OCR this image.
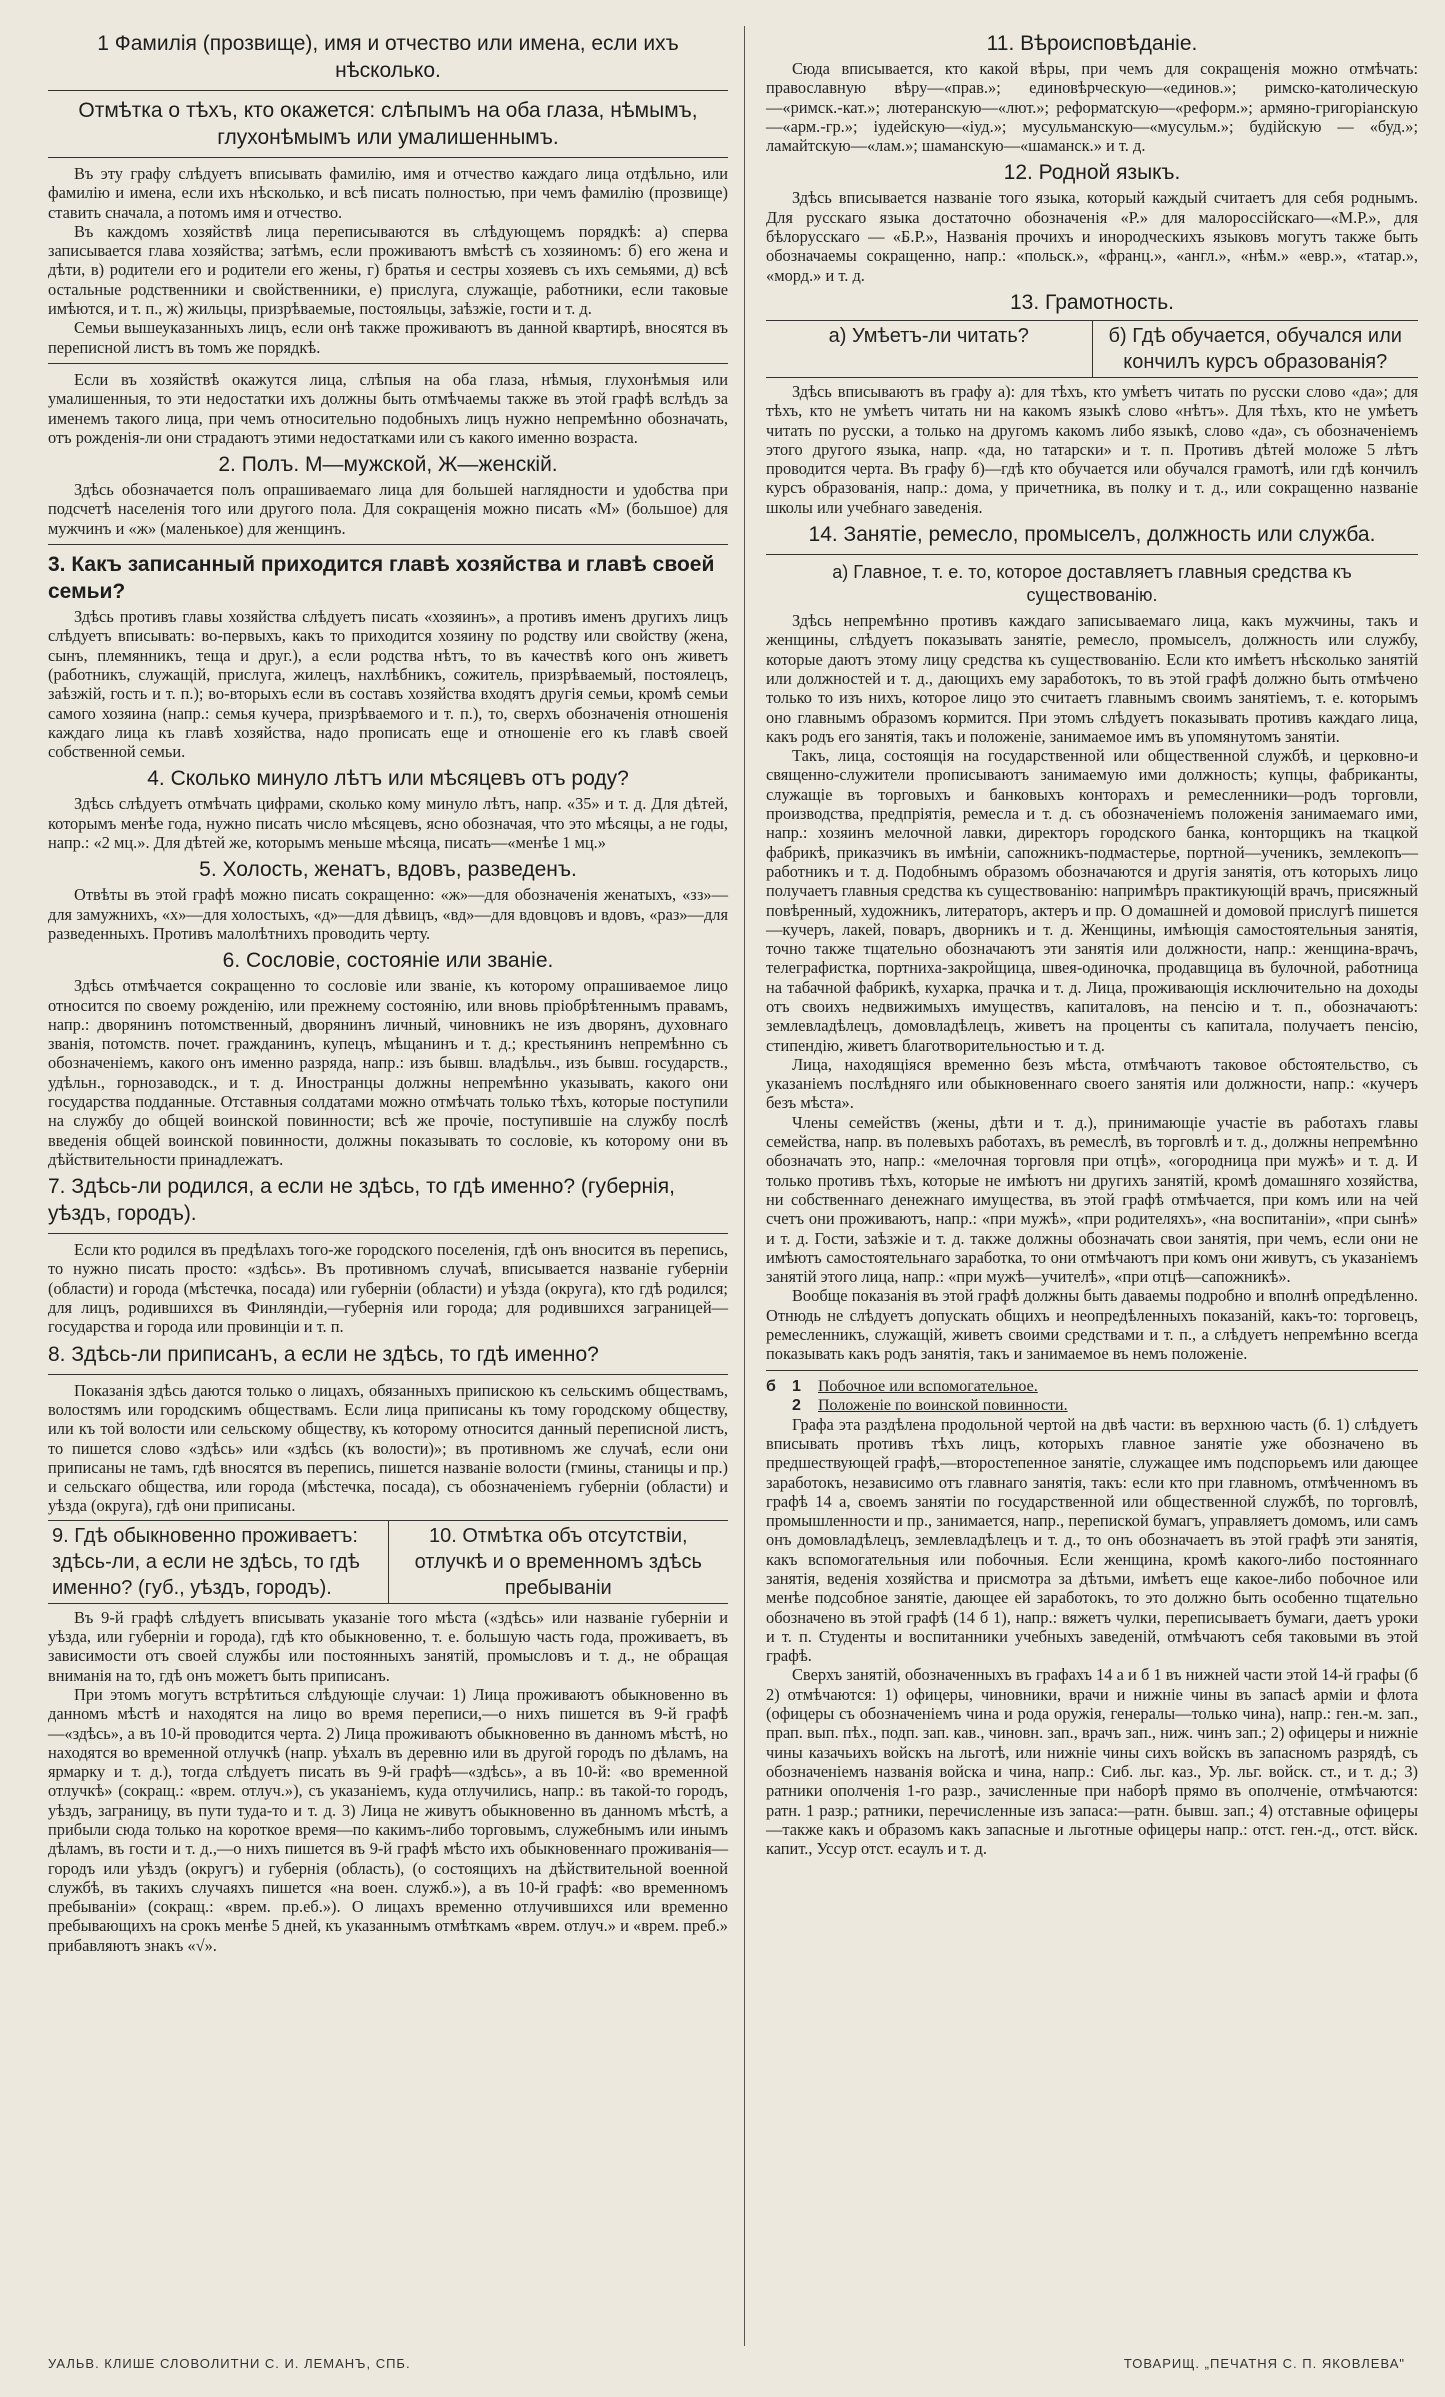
1 Фамилія (прозвище), имя и отчество или имена, если ихъ нѣсколько.
Отмѣтка о тѣхъ, кто окажется: слѣпымъ на оба глаза, нѣмымъ, глухонѣмымъ или умалишеннымъ.

Въ эту графу слѣдуетъ вписывать фамилію, имя и отчество каждаго лица отдѣльно, или фамилію и имена, если ихъ нѣсколько, и всѣ писать полностью, при чемъ фамилію (прозвище) ставить сначала, а потомъ имя и отчество.

Въ каждомъ хозяйствѣ лица переписываются въ слѣдующемъ порядкѣ: а) сперва записывается глава хозяйства; затѣмъ, если проживаютъ вмѣстѣ съ хозяиномъ: б) его жена и дѣти, в) родители его и родители его жены, г) братья и сестры хозяевъ съ ихъ семьями, д) всѣ остальные родственники и свойственники, е) прислуга, служащіе, работники, если таковые имѣются, и т. п., ж) жильцы, призрѣваемые, постояльцы, заѣзжіе, гости и т. д.

Семьи вышеуказанныхъ лицъ, если онѣ также проживаютъ въ данной квартирѣ, вносятся въ переписной листъ въ томъ же порядкѣ.

Если въ хозяйствѣ окажутся лица, слѣпыя на оба глаза, нѣмыя, глухонѣмыя или умалишенныя, то эти недостатки ихъ должны быть отмѣчаемы также въ этой графѣ вслѣдъ за именемъ такого лица, при чемъ относительно подобныхъ лицъ нужно непремѣнно обозначать, отъ рожденія-ли они страдаютъ этими недостатками или съ какого именно возраста.

2. Полъ. М—мужской, Ж—женскій.

Здѣсь обозначается полъ опрашиваемаго лица для большей наглядности и удобства при подсчетѣ населенія того или другого пола. Для сокращенія можно писать «М» (большое) для мужчинъ и «ж» (маленькое) для женщинъ.

3. Какъ записанный приходится главѣ хозяйства и главѣ своей семьи?

Здѣсь противъ главы хозяйства слѣдуетъ писать «хозяинъ», а противъ именъ другихъ лицъ слѣдуетъ вписывать: во-первыхъ, какъ то приходится хозяину по родству или свойству (жена, сынъ, племянникъ, теща и друг.), а если родства нѣтъ, то въ качествѣ кого онъ живетъ (работникъ, служащій, прислуга, жилецъ, нахлѣбникъ, сожитель, призрѣваемый, постоялецъ, заѣзжій, гость и т. п.); во-вторыхъ если въ составъ хозяйства входятъ другія семьи, кромѣ семьи самого хозяина (напр.: семья кучера, призрѣваемого и т. п.), то, сверхъ обозначенія отношенія каждаго лица къ главѣ хозяйства, надо прописать еще и отношеніе его къ главѣ своей собственной семьи.

4. Сколько минуло лѣтъ или мѣсяцевъ отъ роду?

Здѣсь слѣдуетъ отмѣчать цифрами, сколько кому минуло лѣтъ, напр. «35» и т. д. Для дѣтей, которымъ менѣе года, нужно писать число мѣсяцевъ, ясно обозначая, что это мѣсяцы, а не годы, напр.: «2 мц.». Для дѣтей же, которымъ меньше мѣсяца, писать—«менѣе 1 мц.»

5. Холость, женатъ, вдовъ, разведенъ.

Отвѣты въ этой графѣ можно писать сокращенно: «ж»—для обозначенія женатыхъ, «зз»—для замужнихъ, «х»—для холостыхъ, «д»—для дѣвицъ, «вд»—для вдовцовъ и вдовъ, «раз»—для разведенныхъ. Противъ малолѣтнихъ проводить черту.

6. Сословіе, состояніе или званіе.

Здѣсь отмѣчается сокращенно то сословіе или званіе, къ которому опрашиваемое лицо относится по своему рожденію, или прежнему состоянію, или вновь пріобрѣтеннымъ правамъ, напр.: дворянинъ потомственный, дворянинъ личный, чиновникъ не изъ дворянъ, духовнаго званія, потомств. почет. гражданинъ, купецъ, мѣщанинъ и т. д.; крестьянинъ непремѣнно съ обозначеніемъ, какого онъ именно разряда, напр.: изъ бывш. владѣльч., изъ бывш. государств., удѣльн., горнозаводск., и т. д. Иностранцы должны непремѣнно указывать, какого они государства подданные. Отставныя солдатами можно отмѣчать только тѣхъ, которые поступили на службу до общей воинской повинности; всѣ же прочіе, поступившіе на службу послѣ введенія общей воинской повинности, должны показывать то сословіе, къ которому они въ дѣйствительности принадлежатъ.

7. Здѣсь-ли родился, а если не здѣсь, то гдѣ именно? (губернія, уѣздъ, городъ).

Если кто родился въ предѣлахъ того-же городского поселенія, гдѣ онъ вносится въ перепись, то нужно писать просто: «здѣсь». Въ противномъ случаѣ, вписывается названіе губерніи (области) и города (мѣстечка, посада) или губерніи (области) и уѣзда (округа), кто гдѣ родился; для лицъ, родившихся въ Финляндіи,—губернія или города; для родившихся заграницей—государства и города или провинціи и т. п.

8. Здѣсь-ли приписанъ, а если не здѣсь, то гдѣ именно?

Показанія здѣсь даются только о лицахъ, обязанныхъ припискою къ сельскимъ обществамъ, волостямъ или городскимъ обществамъ. Если лица приписаны къ тому городскому обществу, или къ той волости или сельскому обществу, къ которому относится данный переписной листъ, то пишется слово «здѣсь» или «здѣсь (къ волости)»; въ противномъ же случаѣ, если они приписаны не тамъ, гдѣ вносятся въ перепись, пишется названіе волости (гмины, станицы и пр.) и сельскаго общества, или города (мѣстечка, посада), съ обозначеніемъ губерніи (области) и уѣзда (округа), гдѣ они приписаны.

9. Гдѣ обыкновенно проживаетъ: здѣсь-ли, а если не здѣсь, то гдѣ именно? (губ., уѣздъ, городъ).
10. Отмѣтка объ отсутствіи, отлучкѣ и о временномъ здѣсь пребываніи

Въ 9-й графѣ слѣдуетъ вписывать указаніе того мѣста («здѣсь» или названіе губерніи и уѣзда, или губерніи и города), гдѣ кто обыкновенно, т. е. большую часть года, проживаетъ, въ зависимости отъ своей службы или постоянныхъ занятій, промысловъ и т. д., не обращая вниманія на то, гдѣ онъ можетъ быть приписанъ.

При этомъ могутъ встрѣтиться слѣдующіе случаи: 1) Лица проживаютъ обыкновенно въ данномъ мѣстѣ и находятся на лицо во время переписи,—о нихъ пишется въ 9-й графѣ—«здѣсь», а въ 10-й проводится черта. 2) Лица проживаютъ обыкновенно въ данномъ мѣстѣ, но находятся во временной отлучкѣ (напр. уѣхалъ въ деревню или въ другой городъ по дѣламъ, на ярмарку и т. д.), тогда слѣдуетъ писать въ 9-й графѣ—«здѣсь», а въ 10-й: «во временной отлучкѣ» (сокращ.: «врем. отлуч.»), съ указаніемъ, куда отлучились, напр.: въ такой-то городъ, уѣздъ, заграницу, въ пути туда-то и т. д. 3) Лица не живутъ обыкновенно въ данномъ мѣстѣ, а прибыли сюда только на короткое время—по какимъ-либо торговымъ, служебнымъ или инымъ дѣламъ, въ гости и т. д.,—о нихъ пишется въ 9-й графѣ мѣсто ихъ обыкновеннаго проживанія—городъ или уѣздъ (округъ) и губернія (область), (о состоящихъ на дѣйствительной военной службѣ, въ такихъ случаяхъ пишется «на воен. служб.»), а въ 10-й графѣ: «во временномъ пребываніи» (сокращ.: «врем. пр.еб.»). О лицахъ временно отлучившихся или временно пребывающихъ на срокъ менѣе 5 дней, къ указаннымъ отмѣткамъ «врем. отлуч.» и «врем. преб.» прибавляютъ знакъ «√».

11. Вѣроисповѣданіе.

Сюда вписывается, кто какой вѣры, при чемъ для сокращенія можно отмѣчать: православную вѣру—«прав.»; единовѣрческую—«единов.»; римско-католическую—«римск.-кат.»; лютеранскую—«лют.»; реформатскую—«реформ.»; армяно-григоріанскую—«арм.-гр.»; іудейскую—«іуд.»; мусульманскую—«мусульм.»; будійскую — «буд.»; ламайтскую—«лам.»; шаманскую—«шаманск.» и т. д.

12. Родной языкъ.

Здѣсь вписывается названіе того языка, который каждый считаетъ для себя роднымъ. Для русскаго языка достаточно обозначенія «Р.» для малороссійскаго—«М.Р.», для бѣлорусскаго — «Б.Р.», Названія прочихъ и инородческихъ языковъ могутъ также быть обозначаемы сокращенно, напр.: «польск.», «франц.», «англ.», «нѣм.» «евр.», «татар.», «морд.» и т. д.

13. Грамотность.
а) Умѣетъ-ли читать?	б) Гдѣ обучается, обучался или кончилъ курсъ образованія?

Здѣсь вписываютъ въ графу а): для тѣхъ, кто умѣетъ читать по русски слово «да»; для тѣхъ, кто не умѣетъ читать ни на какомъ языкѣ слово «нѣтъ». Для тѣхъ, кто не умѣетъ читать по русски, а только на другомъ какомъ либо языкѣ, слово «да», съ обозначеніемъ этого другого языка, напр. «да, но татарски» и т. п. Противъ дѣтей моложе 5 лѣтъ проводится черта. Въ графу б)—гдѣ кто обучается или обучался грамотѣ, или гдѣ кончилъ курсъ образованія, напр.: дома, у причетника, въ полку и т. д., или сокращенно названіе школы или учебнаго заведенія.

14. Занятіе, ремесло, промыселъ, должность или служба.
а) Главное, т. е. то, которое доставляетъ главныя средства къ существованію.

Здѣсь непремѣнно противъ каждаго записываемаго лица, какъ мужчины, такъ и женщины, слѣдуетъ показывать занятіе, ремесло, промыселъ, должность или службу, которые даютъ этому лицу средства къ существованію. Если кто имѣетъ нѣсколько занятій или должностей и т. д., дающихъ ему заработокъ, то въ этой графѣ должно быть отмѣчено только то изъ нихъ, которое лицо это считаетъ главнымъ своимъ занятіемъ, т. е. которымъ оно главнымъ образомъ кормится. При этомъ слѣдуетъ показывать противъ каждаго лица, какъ родъ его занятія, такъ и положеніе, занимаемое имъ въ упомянутомъ занятіи.

Такъ, лица, состоящія на государственной или общественной службѣ, и церковно-и священно-служители прописываютъ занимаемую ими должность; купцы, фабриканты, служащіе въ торговыхъ и банковыхъ конторахъ и ремесленники—родъ торговли, производства, предпріятія, ремесла и т. д. съ обозначеніемъ положенія занимаемаго ими, напр.: хозяинъ мелочной лавки, директоръ городского банка, конторщикъ на ткацкой фабрикѣ, приказчикъ въ имѣніи, сапожникъ-подмастерье, портной—ученикъ, землекопъ—работникъ и т. д. Подобнымъ образомъ обозначаются и другія занятія, отъ которыхъ лицо получаетъ главныя средства къ существованію: напримѣръ практикующій врачъ, присяжный повѣренный, художникъ, литераторъ, актеръ и пр. О домашней и домовой прислугѣ пишется—кучеръ, лакей, поваръ, дворникъ и т. д. Женщины, имѣющія самостоятельныя занятія, точно также тщательно обозначаютъ эти занятія или должности, напр.: женщина-врачъ, телеграфистка, портниха-закройщица, швея-одиночка, продавщица въ булочной, работница на табачной фабрикѣ, кухарка, прачка и т. д. Лица, проживающія исключительно на доходы отъ своихъ недвижимыхъ имуществъ, капиталовъ, на пенсію и т. п., обозначаютъ: землевладѣлецъ, домовладѣлецъ, живетъ на проценты съ капитала, получаетъ пенсію, стипендію, живетъ благотворительностью и т. д.

Лица, находящіяся временно безъ мѣста, отмѣчаютъ таковое обстоятельство, съ указаніемъ послѣдняго или обыкновеннаго своего занятія или должности, напр.: «кучеръ безъ мѣста».

Члены семействъ (жены, дѣти и т. д.), принимающіе участіе въ работахъ главы семейства, напр. въ полевыхъ работахъ, въ ремеслѣ, въ торговлѣ и т. д., должны непремѣнно обозначать это, напр.: «мелочная торговля при отцѣ», «огородница при мужѣ» и т. д. И только противъ тѣхъ, которые не имѣютъ ни другихъ занятій, кромѣ домашняго хозяйства, ни собственнаго денежнаго имущества, въ этой графѣ отмѣчается, при комъ или на чей счетъ они проживаютъ, напр.: «при мужѣ», «при родителяхъ», «на воспитаніи», «при сынѣ» и т. д. Гости, заѣзжіе и т. д. также должны обозначать свои занятія, при чемъ, если они не имѣютъ самостоятельнаго заработка, то они отмѣчаютъ при комъ они живутъ, съ указаніемъ занятій этого лица, напр.: «при мужѣ—учителѣ», «при отцѣ—сапожникѣ».

Вообще показанія въ этой графѣ должны быть даваемы подробно и вполнѣ опредѣленно. Отнюдь не слѣдуетъ допускать общихъ и неопредѣленныхъ показаній, какъ-то: торговецъ, ремесленникъ, служащій, живетъ своими средствами и т. п., а слѣдуетъ непремѣнно всегда показывать какъ родъ занятія, такъ и занимаемое въ немъ положеніе.

б	1	Побочное или вспомогательное.
2	Положеніе по воинской повинности.

Графа эта раздѣлена продольной чертой на двѣ части: въ верхнюю часть (б. 1) слѣдуетъ вписывать противъ тѣхъ лицъ, которыхъ главное занятіе уже обозначено въ предшествующей графѣ,—второстепенное занятіе, служащее имъ подспорьемъ или дающее заработокъ, независимо отъ главнаго занятія, такъ: если кто при главномъ, отмѣченномъ въ графѣ 14 а, своемъ занятіи по государственной или общественной службѣ, по торговлѣ, промышленности и пр., занимается, напр., перепиской бумагъ, управляетъ домомъ, или самъ онъ домовладѣлецъ, землевладѣлецъ и т. д., то онъ обозначаетъ въ этой графѣ эти занятія, какъ вспомогательныя или побочныя. Если женщина, кромѣ какого-либо постояннаго занятія, веденія хозяйства и присмотра за дѣтьми, имѣетъ еще какое-либо побочное или менѣе подсобное занятіе, дающее ей заработокъ, то это должно быть особенно тщательно обозначено въ этой графѣ (14 б 1), напр.: вяжетъ чулки, переписываетъ бумаги, даетъ уроки и т. п. Студенты и воспитанники учебныхъ заведеній, отмѣчаютъ себя таковыми въ этой графѣ.

Сверхъ занятій, обозначенныхъ въ графахъ 14 а и б 1 въ нижней части этой 14-й графы (б 2) отмѣчаются: 1) офицеры, чиновники, врачи и нижніе чины въ запасѣ арміи и флота (офицеры съ обозначеніемъ чина и рода оружія, генералы—только чина), напр.: ген.-м. зап., прап. вып. пѣх., подп. зап. кав., чиновн. зап., врачъ зап., ниж. чинъ зап.; 2) офицеры и нижніе чины казачьихъ войскъ на льготѣ, или нижніе чины сихъ войскъ въ запасномъ разрядѣ, съ обозначеніемъ названія войска и чина, напр.: Сиб. льг. каз., Ур. льг. войск. ст., и т. д.; 3) ратники ополченія 1-го разр., зачисленные при наборѣ прямо въ ополченіе, отмѣчаются: ратн. 1 разр.; ратники, перечисленные изъ запаса:—ратн. бывш. зап.; 4) отставные офицеры—также какъ и образомъ какъ запасные и льготные офицеры напр.: отст. ген.-д., отст. вйск. капит., Уссур отст. есаулъ и т. д.

УАЛЬВ. КЛИШЕ СЛОВОЛИТНИ С. И. ЛЕМАНЪ, СПБ.	ТОВАРИЩ. „ПЕЧАТНЯ С. П. ЯКОВЛЕВА"
